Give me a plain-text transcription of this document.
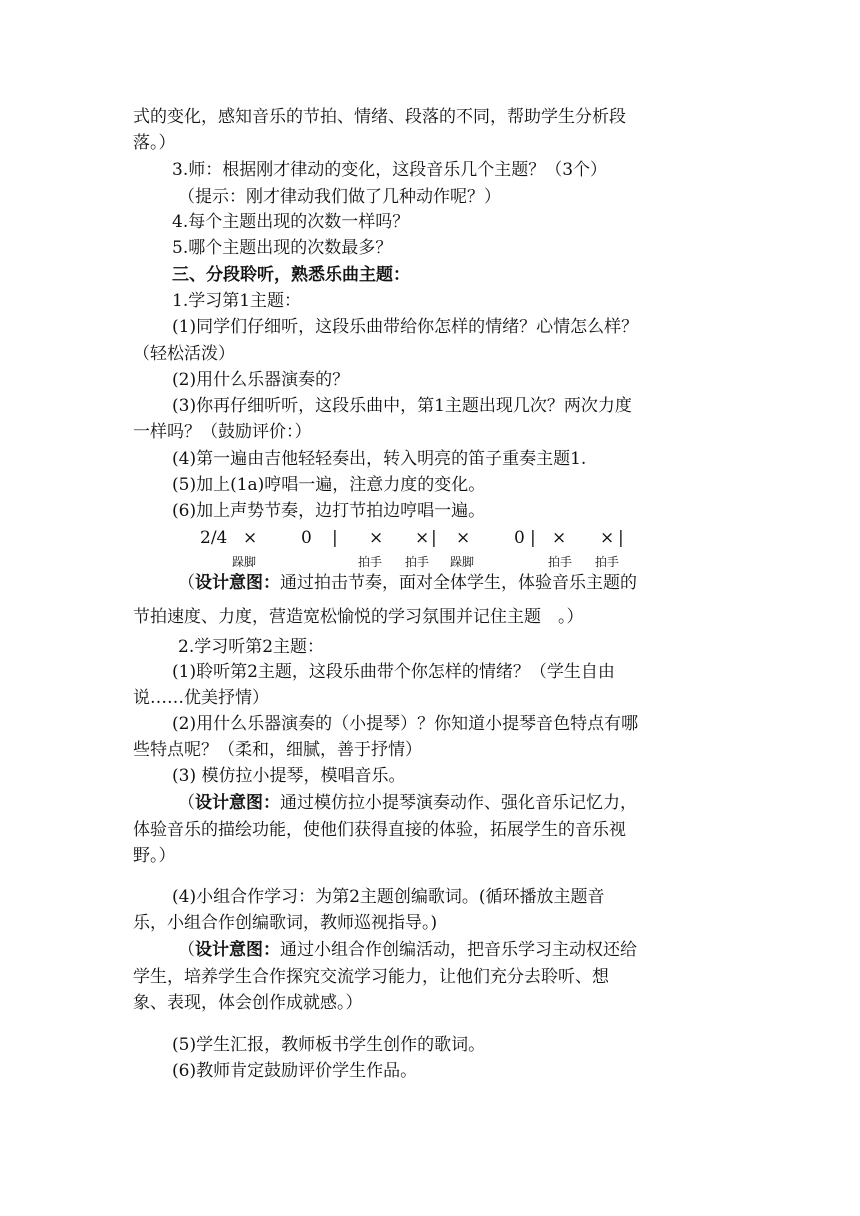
式的变化，感知音乐的节拍、情绪、段落的不同，帮助学生分析段
落。）
3.师：根据刚才律动的变化，这段音乐几个主题？（3个）
（提示：刚才律动我们做了几种动作呢？）
4.每个主题出现的次数一样吗？
5.哪个主题出现的次数最多？
三、分段聆听，熟悉乐曲主题：
1.学习第1主题：
(1)同学们仔细听，这段乐曲带给你怎样的情绪？心情怎么样？
（轻松活泼）
(2)用什么乐器演奏的？
(3)你再仔细听听，这段乐曲中，第1主题出现几次？两次力度
一样吗？（鼓励评价：）
(4)第一遍由吉他轻轻奏出，转入明亮的笛子重奏主题1.
(5)加上(1a)哼唱一遍，注意力度的变化。
(6)加上声势节奏，边打节拍边哼唱一遍。
2/4 ×	0 | × × | ×	0 | × × |
跺脚	拍手 拍手 跺脚	拍手 拍手
（设计意图：通过拍击节奏，面对全体学生，体验音乐主题的
节拍速度、力度，营造宽松愉悦的学习氛围并记住主题　。）
2.学习听第2主题：
(1)聆听第2主题，这段乐曲带个你怎样的情绪？（学生自由
说……优美抒情）
(2)用什么乐器演奏的（小提琴）？你知道小提琴音色特点有哪
些特点呢？（柔和，细腻，善于抒情）
(3) 模仿拉小提琴，模唱音乐。
（设计意图：通过模仿拉小提琴演奏动作、强化音乐记忆力，
体验音乐的描绘功能，使他们获得直接的体验，拓展学生的音乐视
野。）
(4)小组合作学习：为第2主题创编歌词。(循环播放主题音
乐，小组合作创编歌词，教师巡视指导。)
（设计意图：通过小组合作创编活动，把音乐学习主动权还给
学生，培养学生合作探究交流学习能力，让他们充分去聆听、想
象、表现，体会创作成就感。）
(5)学生汇报，教师板书学生创作的歌词。
(6)教师肯定鼓励评价学生作品。
